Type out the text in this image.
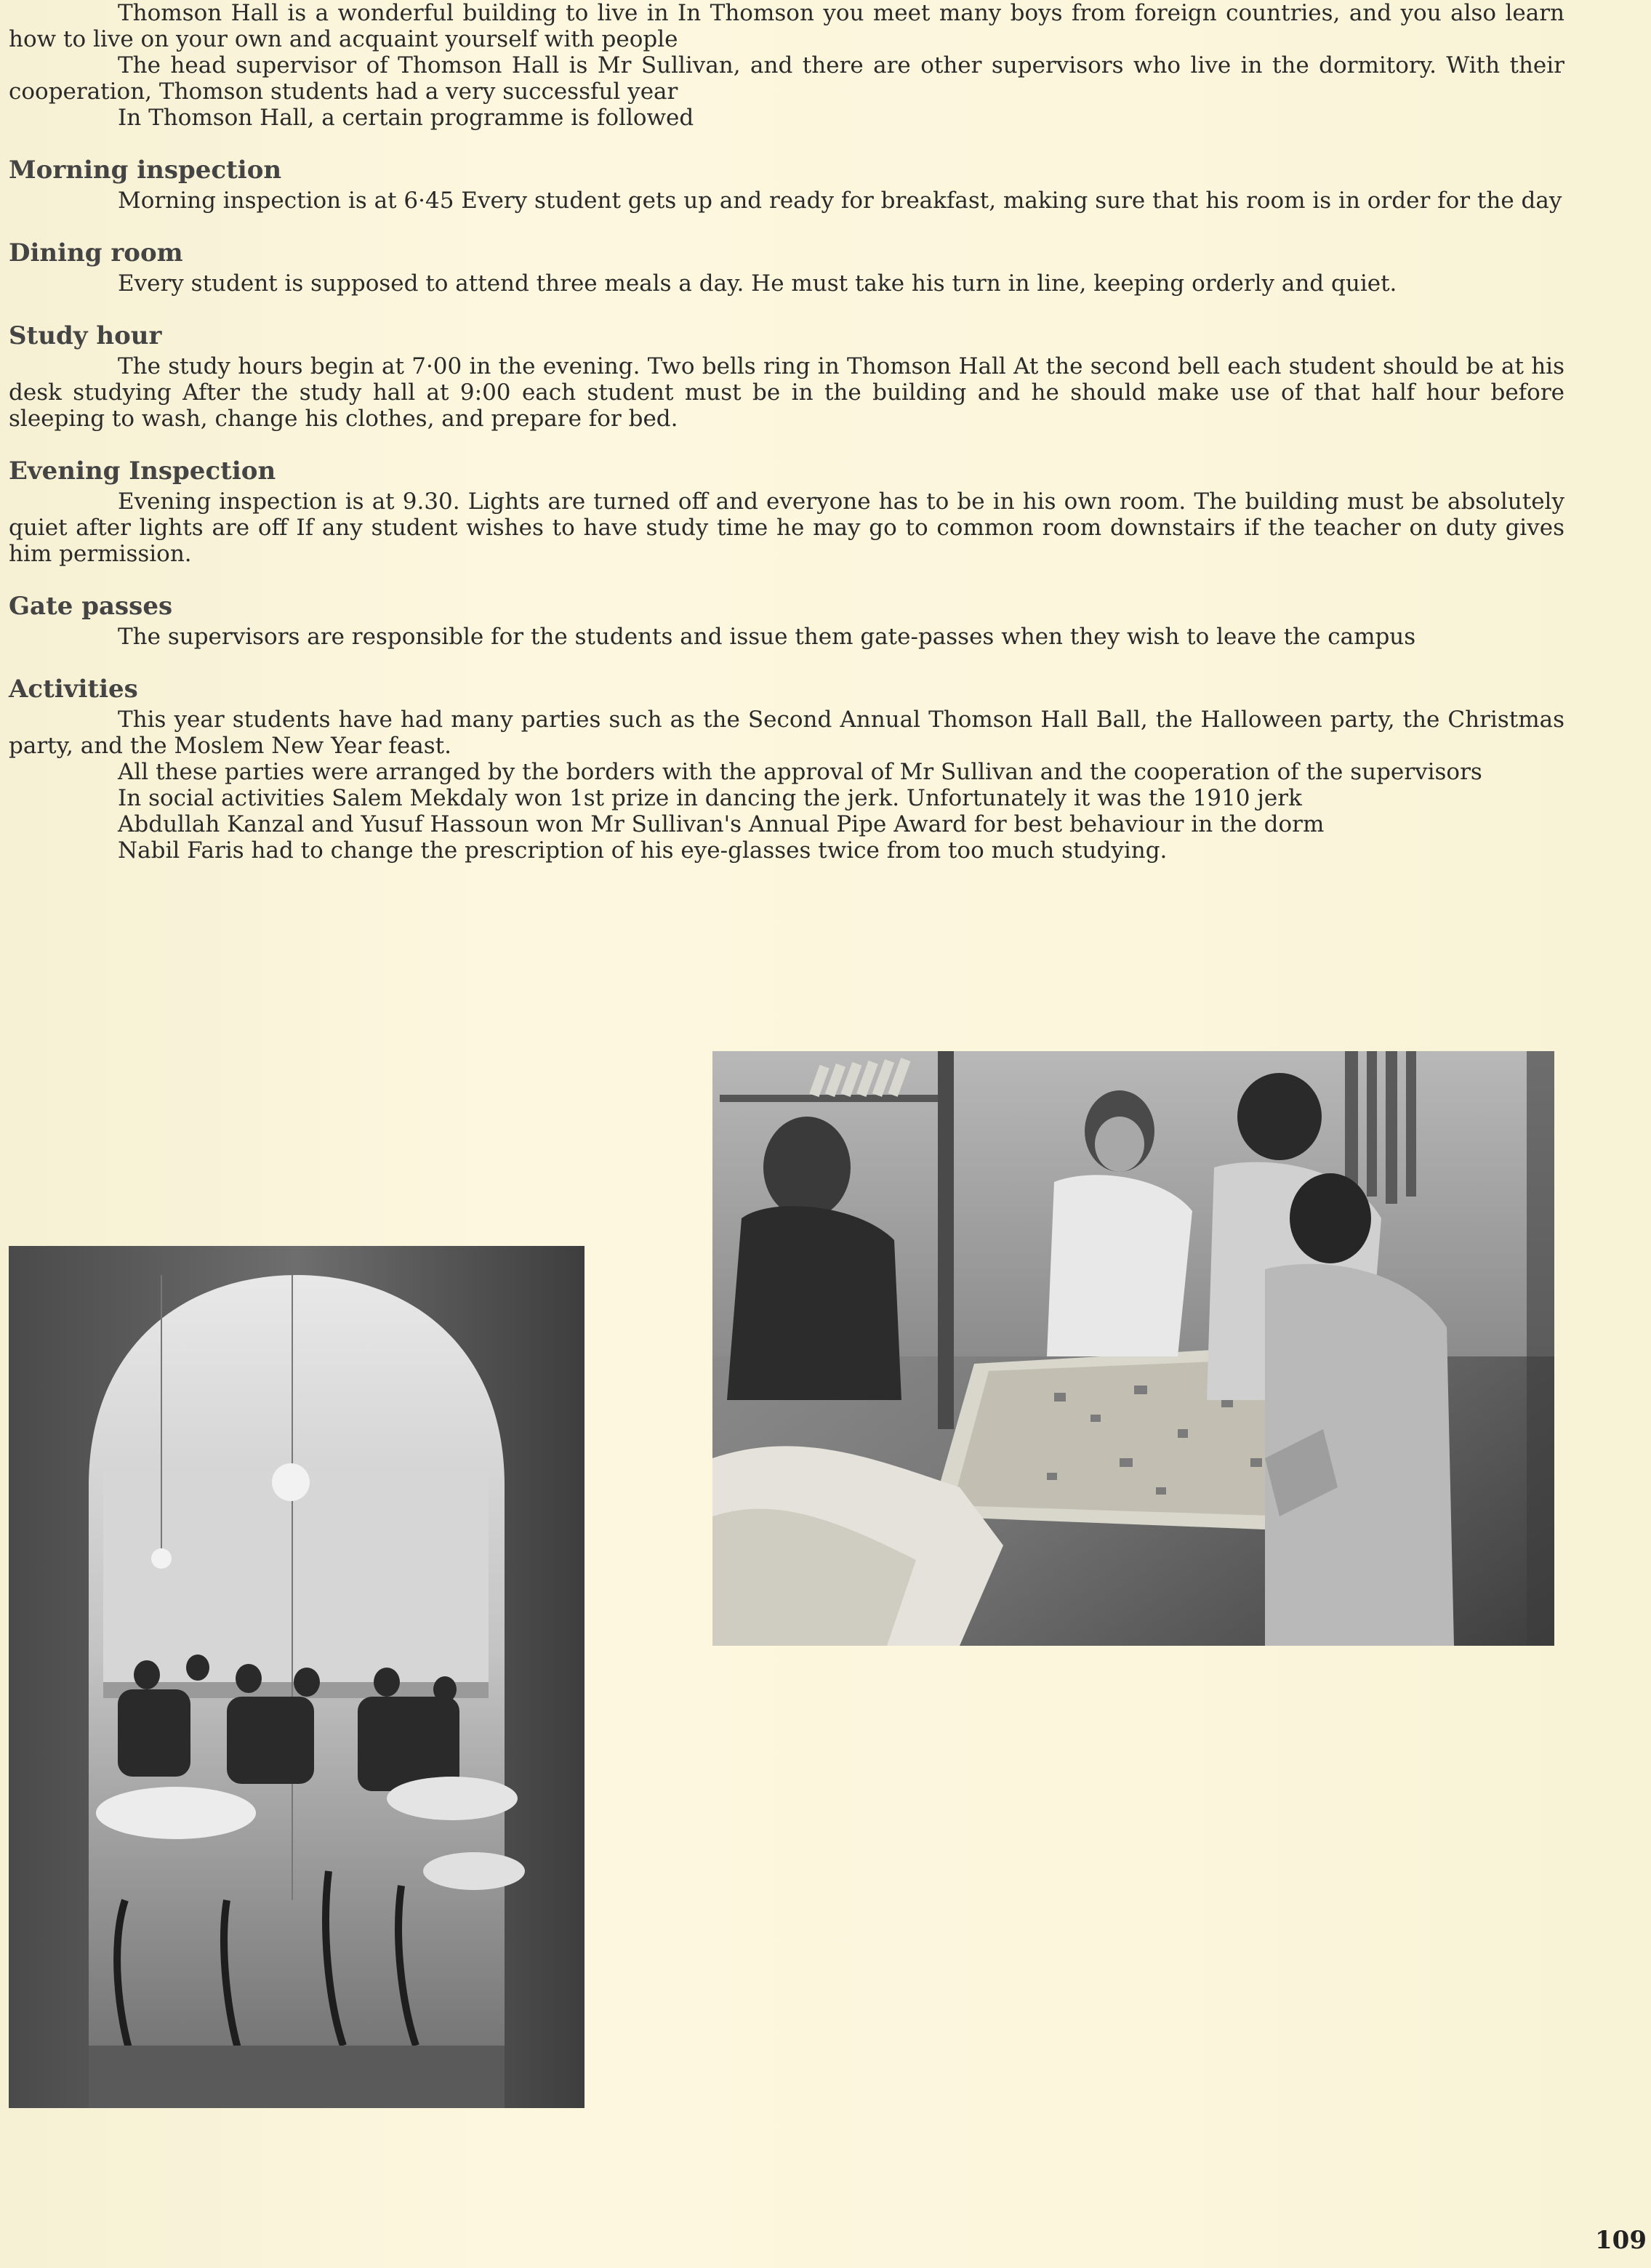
Thomson Hall is a wonderful building to live in In Thomson you meet many boys from foreign countries, and you also learn how to live on your own and acquaint yourself with people

The head supervisor of Thomson Hall is Mr Sullivan, and there are other supervisors who live in the dormitory. With their cooperation, Thomson students had a very successful year

In Thomson Hall, a certain programme is followed

Morning inspection

Morning inspection is at 6·45 Every student gets up and ready for breakfast, making sure that his room is in order for the day

Dining room

Every student is supposed to attend three meals a day. He must take his turn in line, keeping orderly and quiet.

Study hour

The study hours begin at 7·00 in the evening. Two bells ring in Thomson Hall At the second bell each student should be at his desk studying After the study hall at 9:00 each student must be in the building and he should make use of that half hour before sleeping to wash, change his clothes, and prepare for bed.

Evening Inspection

Evening inspection is at 9.30. Lights are turned off and everyone has to be in his own room. The building must be absolutely quiet after lights are off If any student wishes to have study time he may go to common room downstairs if the teacher on duty gives him permission.

Gate passes

The supervisors are responsible for the students and issue them gate-passes when they wish to leave the campus

Activities

This year students have had many parties such as the Second Annual Thomson Hall Ball, the Halloween party, the Christmas party, and the Moslem New Year feast.

All these parties were arranged by the borders with the approval of Mr Sullivan and the cooperation of the supervisors

In social activities Salem Mekdaly won 1st prize in dancing the jerk. Unfortunately it was the 1910 jerk

Abdullah Kanzal and Yusuf Hassoun won Mr Sullivan's Annual Pipe Award for best behaviour in the dorm

Nabil Faris had to change the prescription of his eye-glasses twice from too much studying.

109
